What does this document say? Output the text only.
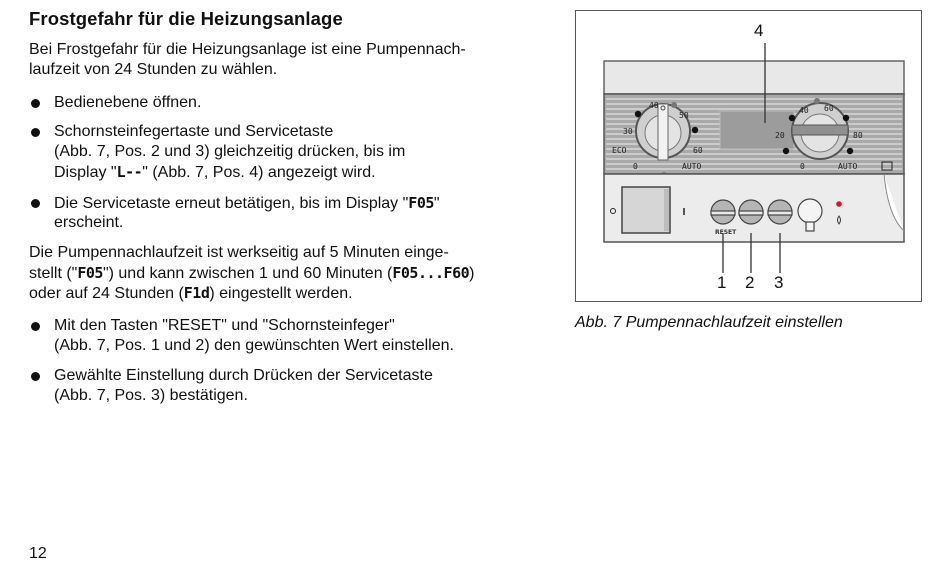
Frostgefahr für die Heizungsanlage
Bei Frostgefahr für die Heizungsanlage ist eine Pumpennach-
laufzeit von 24 Stunden zu wählen.
Bedienebene öffnen.
Schornsteinfegertaste und Servicetaste
(Abb. 7, Pos. 2 und 3) gleichzeitig drücken, bis im
Display "L--" (Abb. 7, Pos. 4) angezeigt wird.
Die Servicetaste erneut betätigen, bis im Display "F05"
erscheint.
Die Pumpennachlaufzeit ist werkseitig auf 5 Minuten einge-
stellt ("F05") und kann zwischen 1 und 60 Minuten (F05...F60)
oder auf 24 Stunden (F1d) eingestellt werden.
Mit den Tasten "RESET" und "Schornsteinfeger"
(Abb. 7, Pos. 1 und 2) den gewünschten Wert einstellen.
Gewählte Einstellung durch Drücken der Servicetaste
(Abb. 7, Pos. 3) bestätigen.
40
50
30
60
ECO
0	AUTO
40 60
20	80
0	AUTO
RESET
4
1 2 3
Abb. 7 Pumpennachlaufzeit einstellen
12
